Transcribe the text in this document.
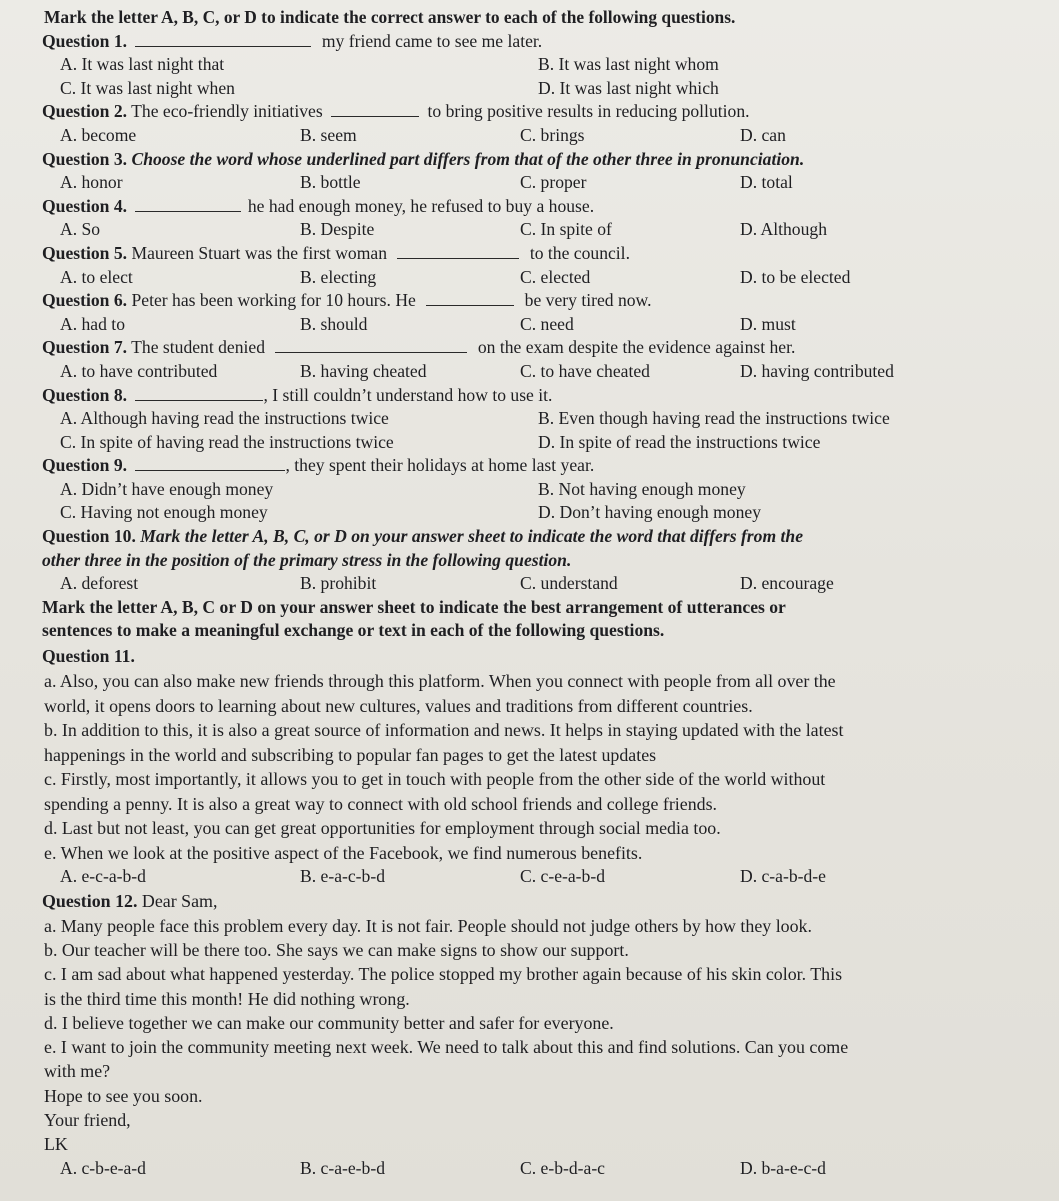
Mark the letter A, B, C, or D to indicate the correct answer to each of the following questions.
Question 1.	my friend came to see me later.
A. It was last night that	B. It was last night whom
C. It was last night when	D. It was last night which
Question 2. The eco-friendly initiatives	to bring positive results in reducing pollution.
A. become	B. seem	C. brings	D. can
Question 3. Choose the word whose underlined part differs from that of the other three in pronunciation.
A. honor	B. bottle	C. proper	D. total
Question 4.	he had enough money, he refused to buy a house.
A. So	B. Despite	C. In spite of	D. Although
Question 5. Maureen Stuart was the first woman	to the council.
A. to elect	B. electing	C. elected	D. to be elected
Question 6. Peter has been working for 10 hours. He	be very tired now.
A. had to	B. should	C. need	D. must
Question 7. The student denied	on the exam despite the evidence against her.
A. to have contributed	B. having cheated	C. to have cheated	D. having contributed
Question 8.	, I still couldn’t understand how to use it.
A. Although having read the instructions twice	B. Even though having read the instructions twice
C. In spite of having read the instructions twice	D. In spite of read the instructions twice
Question 9.	, they spent their holidays at home last year.
A. Didn’t have enough money	B. Not having enough money
C. Having not enough money	D. Don’t having enough money
Question 10. Mark the letter A, B, C, or D on your answer sheet to indicate the word that differs from the
other three in the position of the primary stress in the following question.
A. deforest	B. prohibit	C. understand	D. encourage
Mark the letter A, B, C or D on your answer sheet to indicate the best arrangement of utterances or
sentences to make a meaningful exchange or text in each of the following questions.
Question 11.
a. Also, you can also make new friends through this platform. When you connect with people from all over the
world, it opens doors to learning about new cultures, values and traditions from different countries.
b. In addition to this, it is also a great source of information and news. It helps in staying updated with the latest
happenings in the world and subscribing to popular fan pages to get the latest updates
c. Firstly, most importantly, it allows you to get in touch with people from the other side of the world without
spending a penny. It is also a great way to connect with old school friends and college friends.
d. Last but not least, you can get great opportunities for employment through social media too.
e. When we look at the positive aspect of the Facebook, we find numerous benefits.
A. e-c-a-b-d	B. e-a-c-b-d	C. c-e-a-b-d	D. c-a-b-d-e
Question 12. Dear Sam,
a. Many people face this problem every day. It is not fair. People should not judge others by how they look.
b. Our teacher will be there too. She says we can make signs to show our support.
c. I am sad about what happened yesterday. The police stopped my brother again because of his skin color. This
is the third time this month! He did nothing wrong.
d. I believe together we can make our community better and safer for everyone.
e. I want to join the community meeting next week. We need to talk about this and find solutions. Can you come
with me?
Hope to see you soon.
Your friend,
LK
A. c-b-e-a-d	B. c-a-e-b-d	C. e-b-d-a-c	D. b-a-e-c-d
